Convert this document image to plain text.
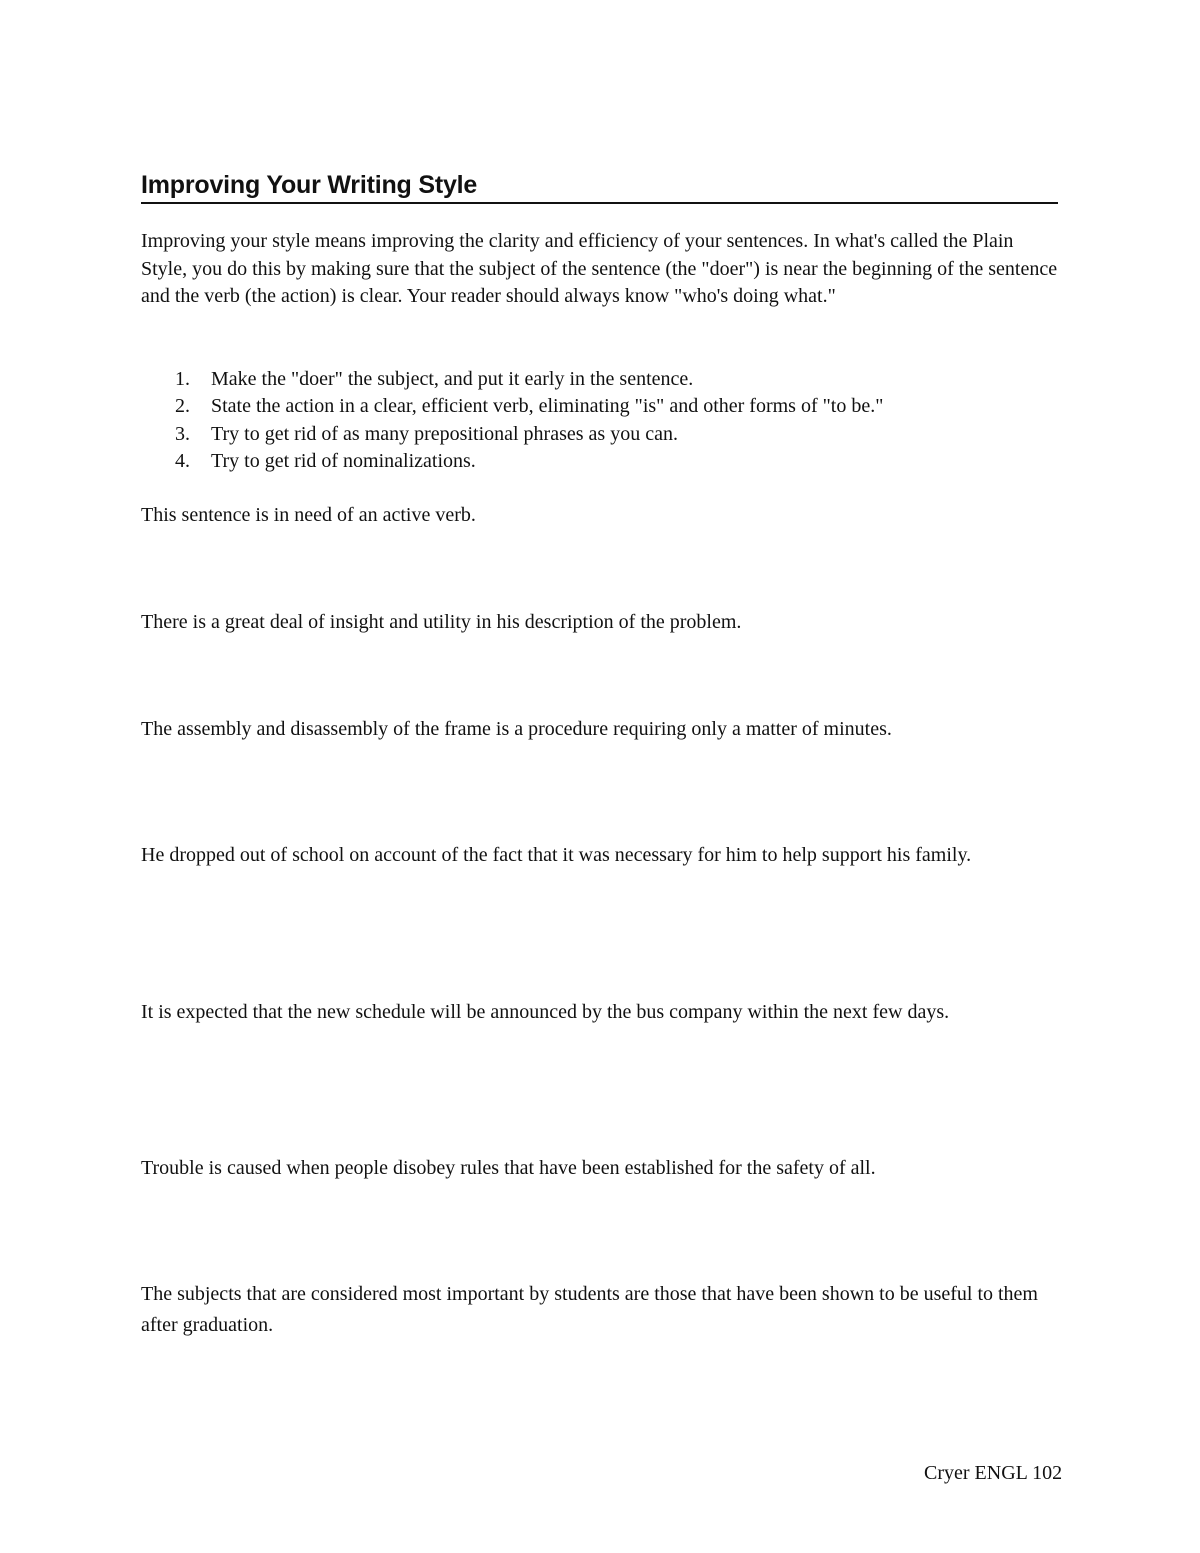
Improving Your Writing Style

Improving your style means improving the clarity and efficiency of your sentences. In what's called the Plain Style, you do this by making sure that the subject of the sentence (the "doer") is near the beginning of the sentence and the verb (the action) is clear. Your reader should always know "who's doing what."

1. Make the "doer" the subject, and put it early in the sentence.
2. State the action in a clear, efficient verb, eliminating "is" and other forms of "to be."
3. Try to get rid of as many prepositional phrases as you can.
4. Try to get rid of nominalizations.

This sentence is in need of an active verb.

There is a great deal of insight and utility in his description of the problem.

The assembly and disassembly of the frame is a procedure requiring only a matter of minutes.

He dropped out of school on account of the fact that it was necessary for him to help support his family.

It is expected that the new schedule will be announced by the bus company within the next few days.

Trouble is caused when people disobey rules that have been established for the safety of all.

The subjects that are considered most important by students are those that have been shown to be useful to them after graduation.

Cryer ENGL 102
